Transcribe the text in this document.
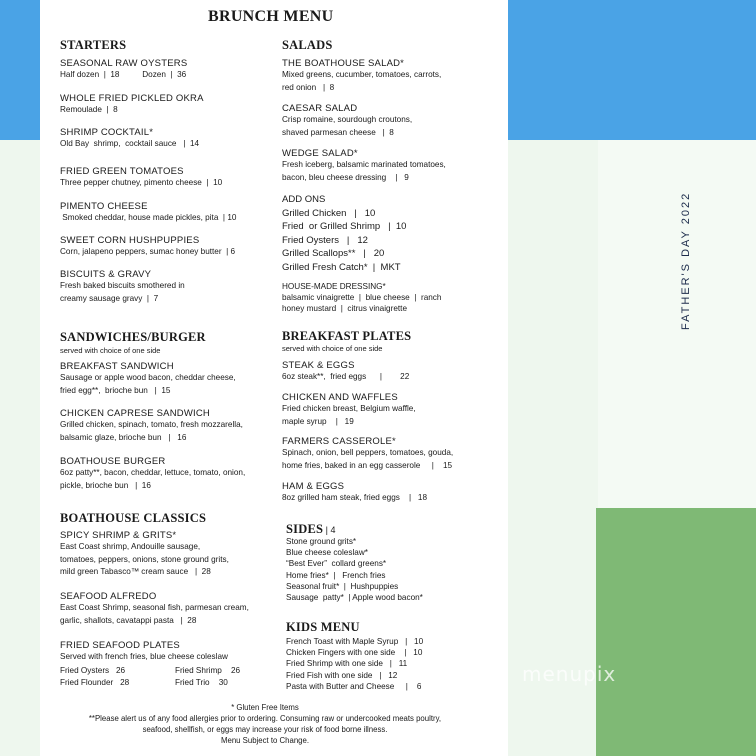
FATHER'S DAY 2022
menupix
BRUNCH MENU
STARTERS
SEASONAL RAW OYSTERS
Half dozen  |  18          Dozen  |  36
WHOLE FRIED PICKLED OKRA
Remoulade  |  8
SHRIMP COCKTAIL*
Old Bay  shrimp,  cocktail sauce   |  14
FRIED GREEN TOMATOES
Three pepper chutney, pimento cheese  |  10
PIMENTO CHEESE
Smoked cheddar, house made pickles, pita  | 10
SWEET CORN HUSHPUPPIES
Corn, jalapeno peppers, sumac honey butter  | 6
BISCUITS & GRAVY
Fresh baked biscuits smothered in
creamy sausage gravy  |  7
SANDWICHES/BURGER
served with choice of one side
BREAKFAST SANDWICH
Sausage or apple wood bacon, cheddar cheese,
fried egg**,  brioche bun   |  15
CHICKEN CAPRESE SANDWICH
Grilled chicken, spinach, tomato, fresh mozzarella,
balsamic glaze, brioche bun   |   16
BOATHOUSE BURGER
6oz patty**, bacon, cheddar, lettuce, tomato, onion,
pickle, brioche bun   |  16
BOATHOUSE CLASSICS
SPICY SHRIMP & GRITS*
East Coast shrimp, Andouille sausage,
tomatoes, peppers, onions, stone ground grits,
mild green Tabasco™ cream sauce   |  28
SEAFOOD ALFREDO
East Coast Shrimp, seasonal fish, parmesan cream,
garlic, shallots, cavatappi pasta   |  28
FRIED SEAFOOD PLATES
Served with french fries, blue cheese coleslaw
Fried Oysters 26	Fried Shrimp 26
Fried Flounder 28	Fried Trio 30
SALADS
THE BOATHOUSE SALAD*
Mixed greens, cucumber, tomatoes, carrots,
red onion   |  8
CAESAR SALAD
Crisp romaine, sourdough croutons,
shaved parmesan cheese   |  8
WEDGE SALAD*
Fresh iceberg, balsamic marinated tomatoes,
bacon, bleu cheese dressing    |   9
ADD ONS
Grilled Chicken   |   10
Fried  or Grilled Shrimp   |  10
Fried Oysters   |   12
Grilled Scallops**   |   20
Grilled Fresh Catch*  |  MKT
HOUSE-MADE DRESSING*
balsamic vinaigrette  |  blue cheese  |  ranch
honey mustard  |  citrus vinaigrette
BREAKFAST PLATES
served with choice of one side
STEAK & EGGS
6oz steak**,  fried eggs      |        22
CHICKEN AND WAFFLES
Fried chicken breast, Belgium waffle,
maple syrup    |   19
FARMERS CASSEROLE*
Spinach, onion, bell peppers, tomatoes, gouda,
home fries, baked in an egg casserole     |    15
HAM & EGGS
8oz grilled ham steak, fried eggs    |   18
SIDES | 4
Stone ground grits*
Blue cheese coleslaw*
“Best Ever”  collard greens*
Home fries*  |   French fries
Seasonal fruit*  |  Hushpuppies
Sausage  patty*  | Apple wood bacon*
KIDS MENU
French Toast with Maple Syrup   |   10
Chicken Fingers with one side    |   10
Fried Shrimp with one side   |   11
Fried Fish with one side   |   12
Pasta with Butter and Cheese     |    6
* Gluten Free Items
**Please alert us of any food allergies prior to ordering. Consuming raw or undercooked meats poultry,
seafood, shellfish, or eggs may increase your risk of food borne illness.
Menu Subject to Change.
